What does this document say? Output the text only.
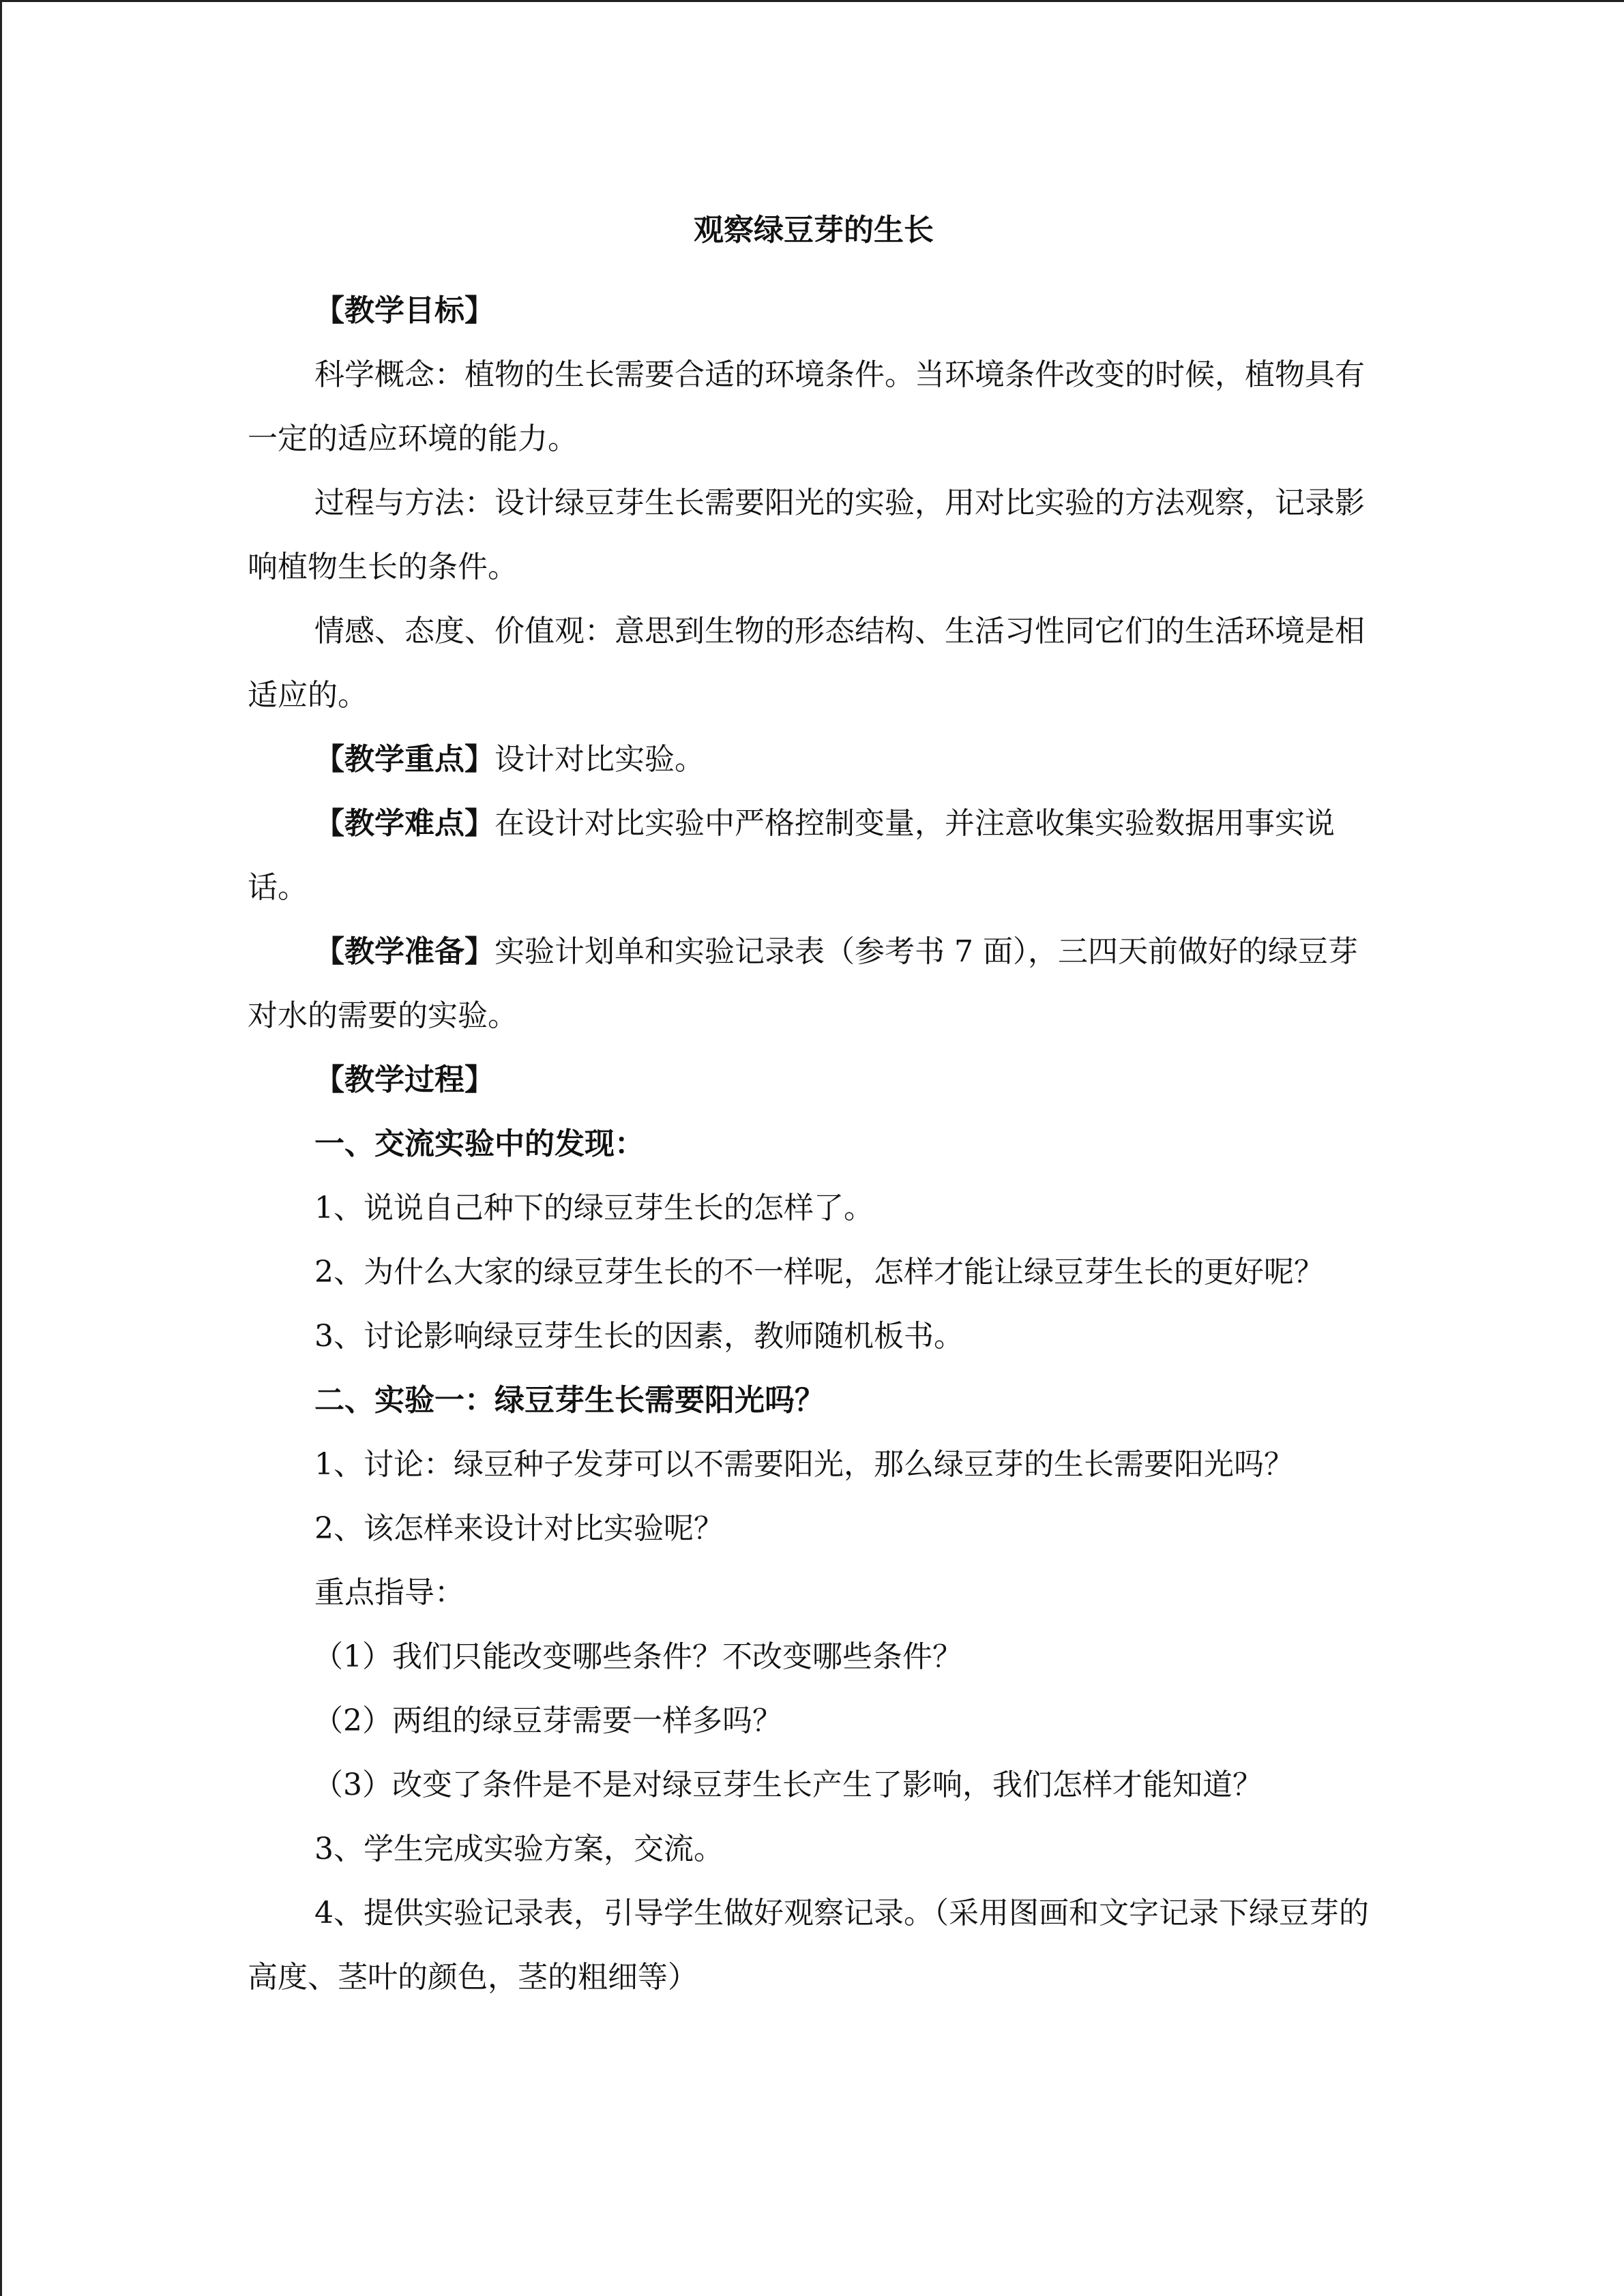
观察绿豆芽的生长

【教学目标】

科学概念：植物的生长需要合适的环境条件。当环境条件改变的时候，植物具有一定的适应环境的能力。

过程与方法：设计绿豆芽生长需要阳光的实验，用对比实验的方法观察，记录影响植物生长的条件。

情感、态度、价值观：意思到生物的形态结构、生活习性同它们的生活环境是相适应的。

【教学重点】设计对比实验。

【教学难点】在设计对比实验中严格控制变量，并注意收集实验数据用事实说话。

【教学准备】实验计划单和实验记录表（参考书 7 面），三四天前做好的绿豆芽对水的需要的实验。

【教学过程】

一、交流实验中的发现：

1、说说自己种下的绿豆芽生长的怎样了。

2、为什么大家的绿豆芽生长的不一样呢，怎样才能让绿豆芽生长的更好呢？

3、讨论影响绿豆芽生长的因素，教师随机板书。

二、实验一：绿豆芽生长需要阳光吗？

1、讨论：绿豆种子发芽可以不需要阳光，那么绿豆芽的生长需要阳光吗？

2、该怎样来设计对比实验呢？

重点指导：

（1）我们只能改变哪些条件？不改变哪些条件？

（2）两组的绿豆芽需要一样多吗？

（3）改变了条件是不是对绿豆芽生长产生了影响，我们怎样才能知道？

3、学生完成实验方案，交流。

4、提供实验记录表，引导学生做好观察记录。（采用图画和文字记录下绿豆芽的高度、茎叶的颜色，茎的粗细等）
